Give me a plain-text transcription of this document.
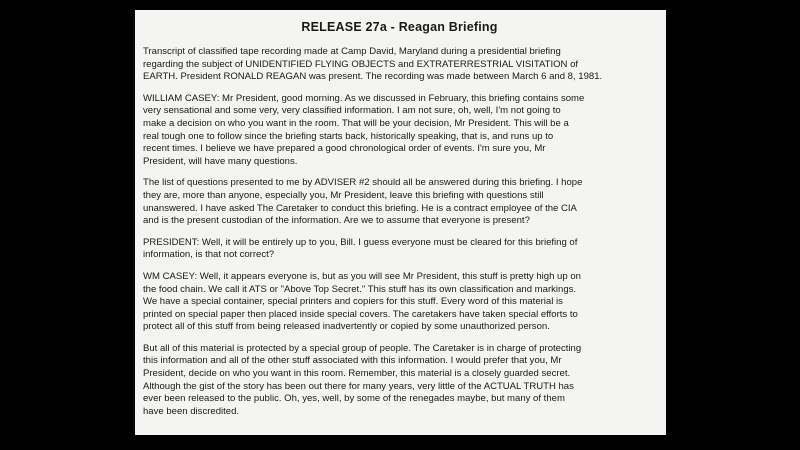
RELEASE 27a - Reagan Briefing

Transcript of classified tape recording made at Camp David, Maryland during a presidential briefing
regarding the subject of UNIDENTIFIED FLYING OBJECTS and EXTRATERRESTRIAL VISITATION of
EARTH. President RONALD REAGAN was present. The recording was made between March 6 and 8, 1981.

WILLIAM CASEY: Mr President, good morning. As we discussed in February, this briefing contains some
very sensational and some very, very classified information. I am not sure, oh, well, I'm not going to
make a decision on who you want in the room. That will be your decision, Mr President. This will be a
real tough one to follow since the briefing starts back, historically speaking, that is, and runs up to
recent times. I believe we have prepared a good chronological order of events. I'm sure you, Mr
President, will have many questions.

The list of questions presented to me by ADVISER #2 should all be answered during this briefing. I hope
they are, more than anyone, especially you, Mr President, leave this briefing with questions still
unanswered. I have asked The Caretaker to conduct this briefing. He is a contract employee of the CIA
and is the present custodian of the information. Are we to assume that everyone is present?

PRESIDENT: Well, it will be entirely up to you, Bill. I guess everyone must be cleared for this briefing of
information, is that not correct?

WM CASEY: Well, it appears everyone is, but as you will see Mr President, this stuff is pretty high up on
the food chain. We call it ATS or "Above Top Secret." This stuff has its own classification and markings.
We have a special container, special printers and copiers for this stuff. Every word of this material is
printed on special paper then placed inside special covers. The caretakers have taken special efforts to
protect all of this stuff from being released inadvertently or copied by some unauthorized person.

But all of this material is protected by a special group of people. The Caretaker is in charge of protecting
this information and all of the other stuff associated with this information. I would prefer that you, Mr
President, decide on who you want in this room. Remember, this material is a closely guarded secret.
Although the gist of the story has been out there for many years, very little of the ACTUAL TRUTH has
ever been released to the public. Oh, yes, well, by some of the renegades maybe, but many of them
have been discredited.
